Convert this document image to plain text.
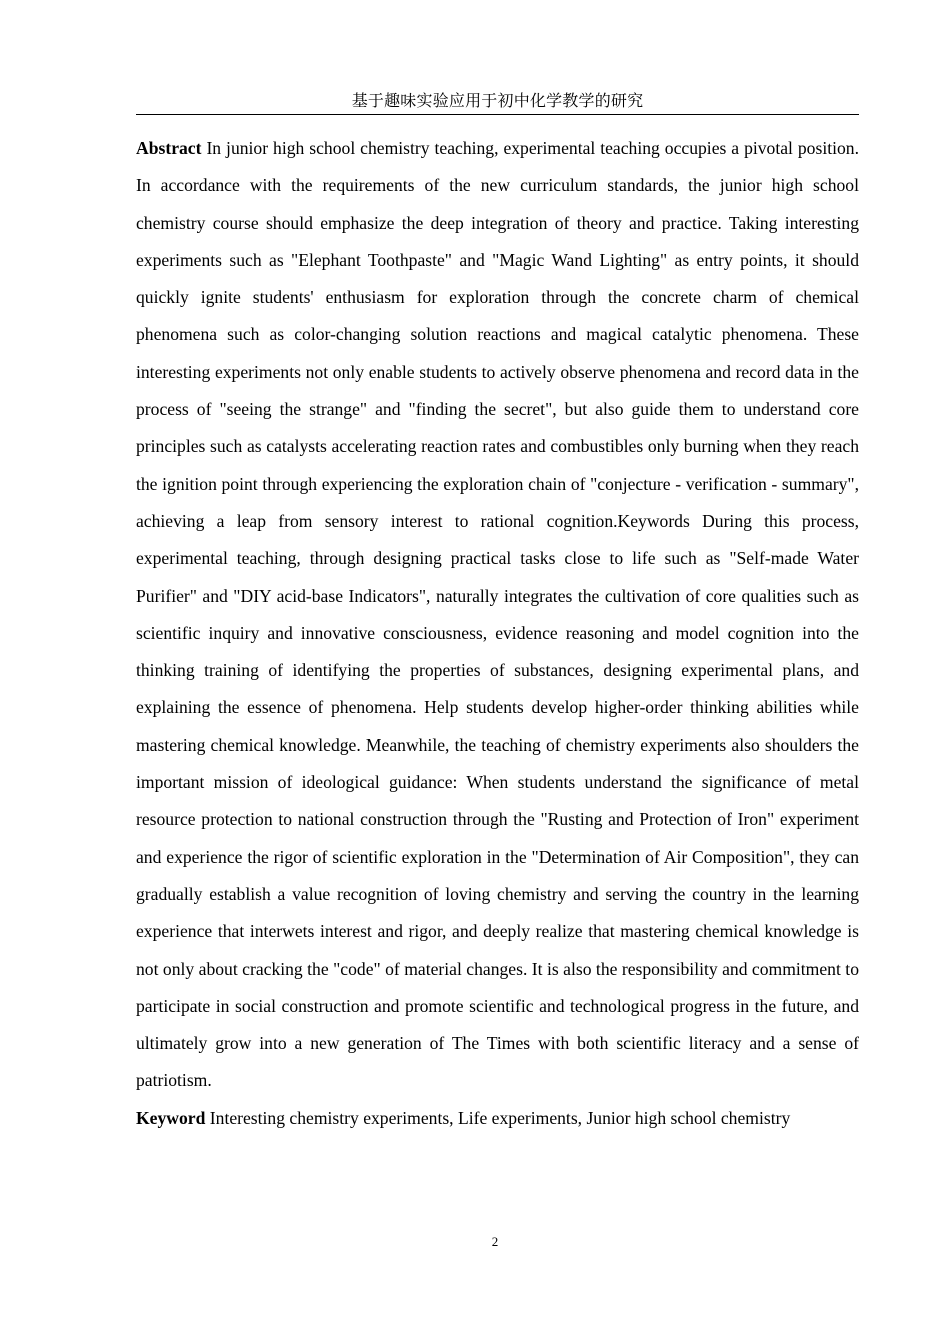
基于趣味实验应用于初中化学教学的研究

Abstract In junior high school chemistry teaching, experimental teaching occupies a pivotal position. In accordance with the requirements of the new curriculum standards, the junior high school chemistry course should emphasize the deep integration of theory and practice. Taking interesting experiments such as "Elephant Toothpaste" and "Magic Wand Lighting" as entry points, it should quickly ignite students' enthusiasm for exploration through the concrete charm of chemical phenomena such as color-changing solution reactions and magical catalytic phenomena. These interesting experiments not only enable students to actively observe phenomena and record data in the process of "seeing the strange" and "finding the secret", but also guide them to understand core principles such as catalysts accelerating reaction rates and combustibles only burning when they reach the ignition point through experiencing the exploration chain of "conjecture - verification - summary", achieving a leap from sensory interest to rational cognition.Keywords During this process, experimental teaching, through designing practical tasks close to life such as "Self-made Water Purifier" and "DIY acid-base Indicators", naturally integrates the cultivation of core qualities such as scientific inquiry and innovative consciousness, evidence reasoning and model cognition into the thinking training of identifying the properties of substances, designing experimental plans, and explaining the essence of phenomena. Help students develop higher-order thinking abilities while mastering chemical knowledge. Meanwhile, the teaching of chemistry experiments also shoulders the important mission of ideological guidance: When students understand the significance of metal resource protection to national construction through the "Rusting and Protection of Iron" experiment and experience the rigor of scientific exploration in the "Determination of Air Composition", they can gradually establish a value recognition of loving chemistry and serving the country in the learning experience that interwets interest and rigor, and deeply realize that mastering chemical knowledge is not only about cracking the "code" of material changes. It is also the responsibility and commitment to participate in social construction and promote scientific and technological progress in the future, and ultimately grow into a new generation of The Times with both scientific literacy and a sense of patriotism.

Keyword Interesting chemistry experiments, Life experiments, Junior high school chemistry

2
